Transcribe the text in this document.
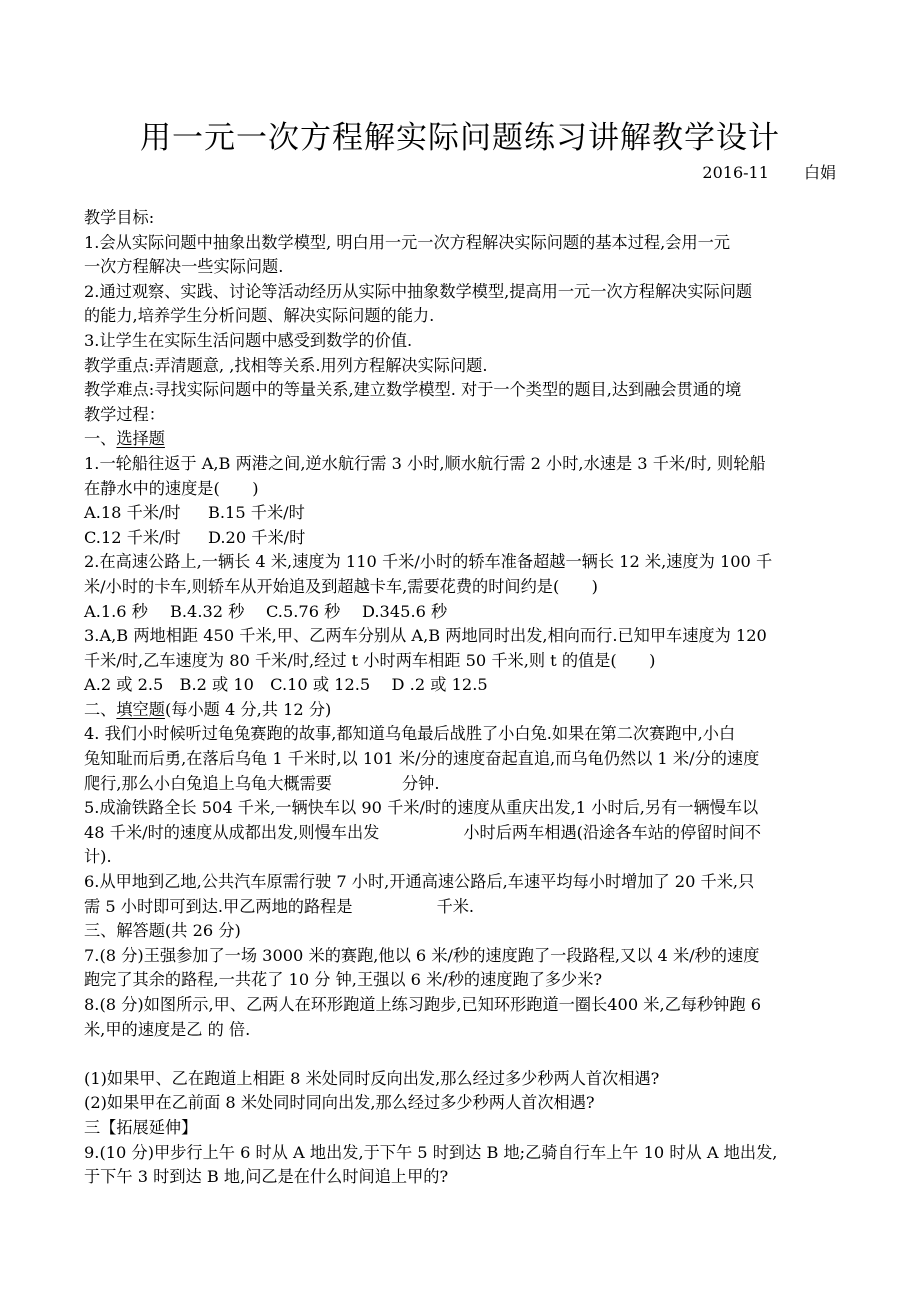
用一元一次方程解实际问题练习讲解教学设计
2016-11 白娟

教学目标:

1.会从实际问题中抽象出数学模型, 明白用一元一次方程解决实际问题的基本过程,会用一元

一次方程解决一些实际问题.

2.通过观察、实践、讨论等活动经历从实际中抽象数学模型,提高用一元一次方程解决实际问题

的能力,培养学生分析问题、解决实际问题的能力.

3.让学生在实际生活问题中感受到数学的价值.

教学重点:弄清题意, ,找相等关系.用列方程解决实际问题.

教学难点:寻找实际问题中的等量关系,建立数学模型. 对于一个类型的题目,达到融会贯通的境

教学过程：

一、选择题

1.一轮船往返于 A,B 两港之间,逆水航行需 3 小时,顺水航行需 2 小时,水速是 3 千米/时, 则轮船

在静水中的速度是(　　)

A.18 千米/时 B.15 千米/时

C.12 千米/时 D.20 千米/时

2.在高速公路上,一辆长 4 米,速度为 110 千米/小时的轿车准备超越一辆长 12 米,速度为 100 千

米/小时的卡车,则轿车从开始追及到超越卡车,需要花费的时间约是(　　)

A.1.6 秒 B.4.32 秒 C.5.76 秒 D.345.6 秒

3.A,B 两地相距 450 千米,甲、乙两车分别从 A,B 两地同时出发,相向而行.已知甲车速度为 120

千米/时,乙车速度为 80 千米/时,经过 t 小时两车相距 50 千米,则 t 的值是(　　)

A.2 或 2.5　B.2 或 10　C.10 或 12.5　 D .2 或 12.5

二、填空题(每小题 4 分,共 12 分)

4. 我们小时候听过龟兔赛跑的故事,都知道乌龟最后战胜了小白兔.如果在第二次赛跑中,小白

兔知耻而后勇,在落后乌龟 1 千米时,以 101 米/分的速度奋起直追,而乌龟仍然以 1 米/分的速度

爬行,那么小白兔追上乌龟大概需要	分钟.

5.成渝铁路全长 504 千米,一辆快车以 90 千米/时的速度从重庆出发,1 小时后,另有一辆慢车以

48 千米/时的速度从成都出发,则慢车出发	小时后两车相遇(沿途各车站的停留时间不

计).

6.从甲地到乙地,公共汽车原需行驶 7 小时,开通高速公路后,车速平均每小时增加了 20 千米,只

需 5 小时即可到达.甲乙两地的路程是	千米.

三、解答题(共 26 分)

7.(8 分)王强参加了一场 3000 米的赛跑,他以 6 米/秒的速度跑了一段路程,又以 4 米/秒的速度

跑完了其余的路程,一共花了 10 分 钟,王强以 6 米/秒的速度跑了多少米?

8.(8 分)如图所示,甲、乙两人在环形跑道上练习跑步,已知环形跑道一圈长400 米,乙每秒钟跑 6

米,甲的速度是乙 的 倍.

(1)如果甲、乙在跑道上相距 8 米处同时反向出发,那么经过多少秒两人首次相遇?

(2)如果甲在乙前面 8 米处同时同向出发,那么经过多少秒两人首次相遇?

三【拓展延伸】

9.(10 分)甲步行上午 6 时从 A 地出发,于下午 5 时到达 B 地;乙骑自行车上午 10 时从 A 地出发,

于下午 3 时到达 B 地,问乙是在什么时间追上甲的?
